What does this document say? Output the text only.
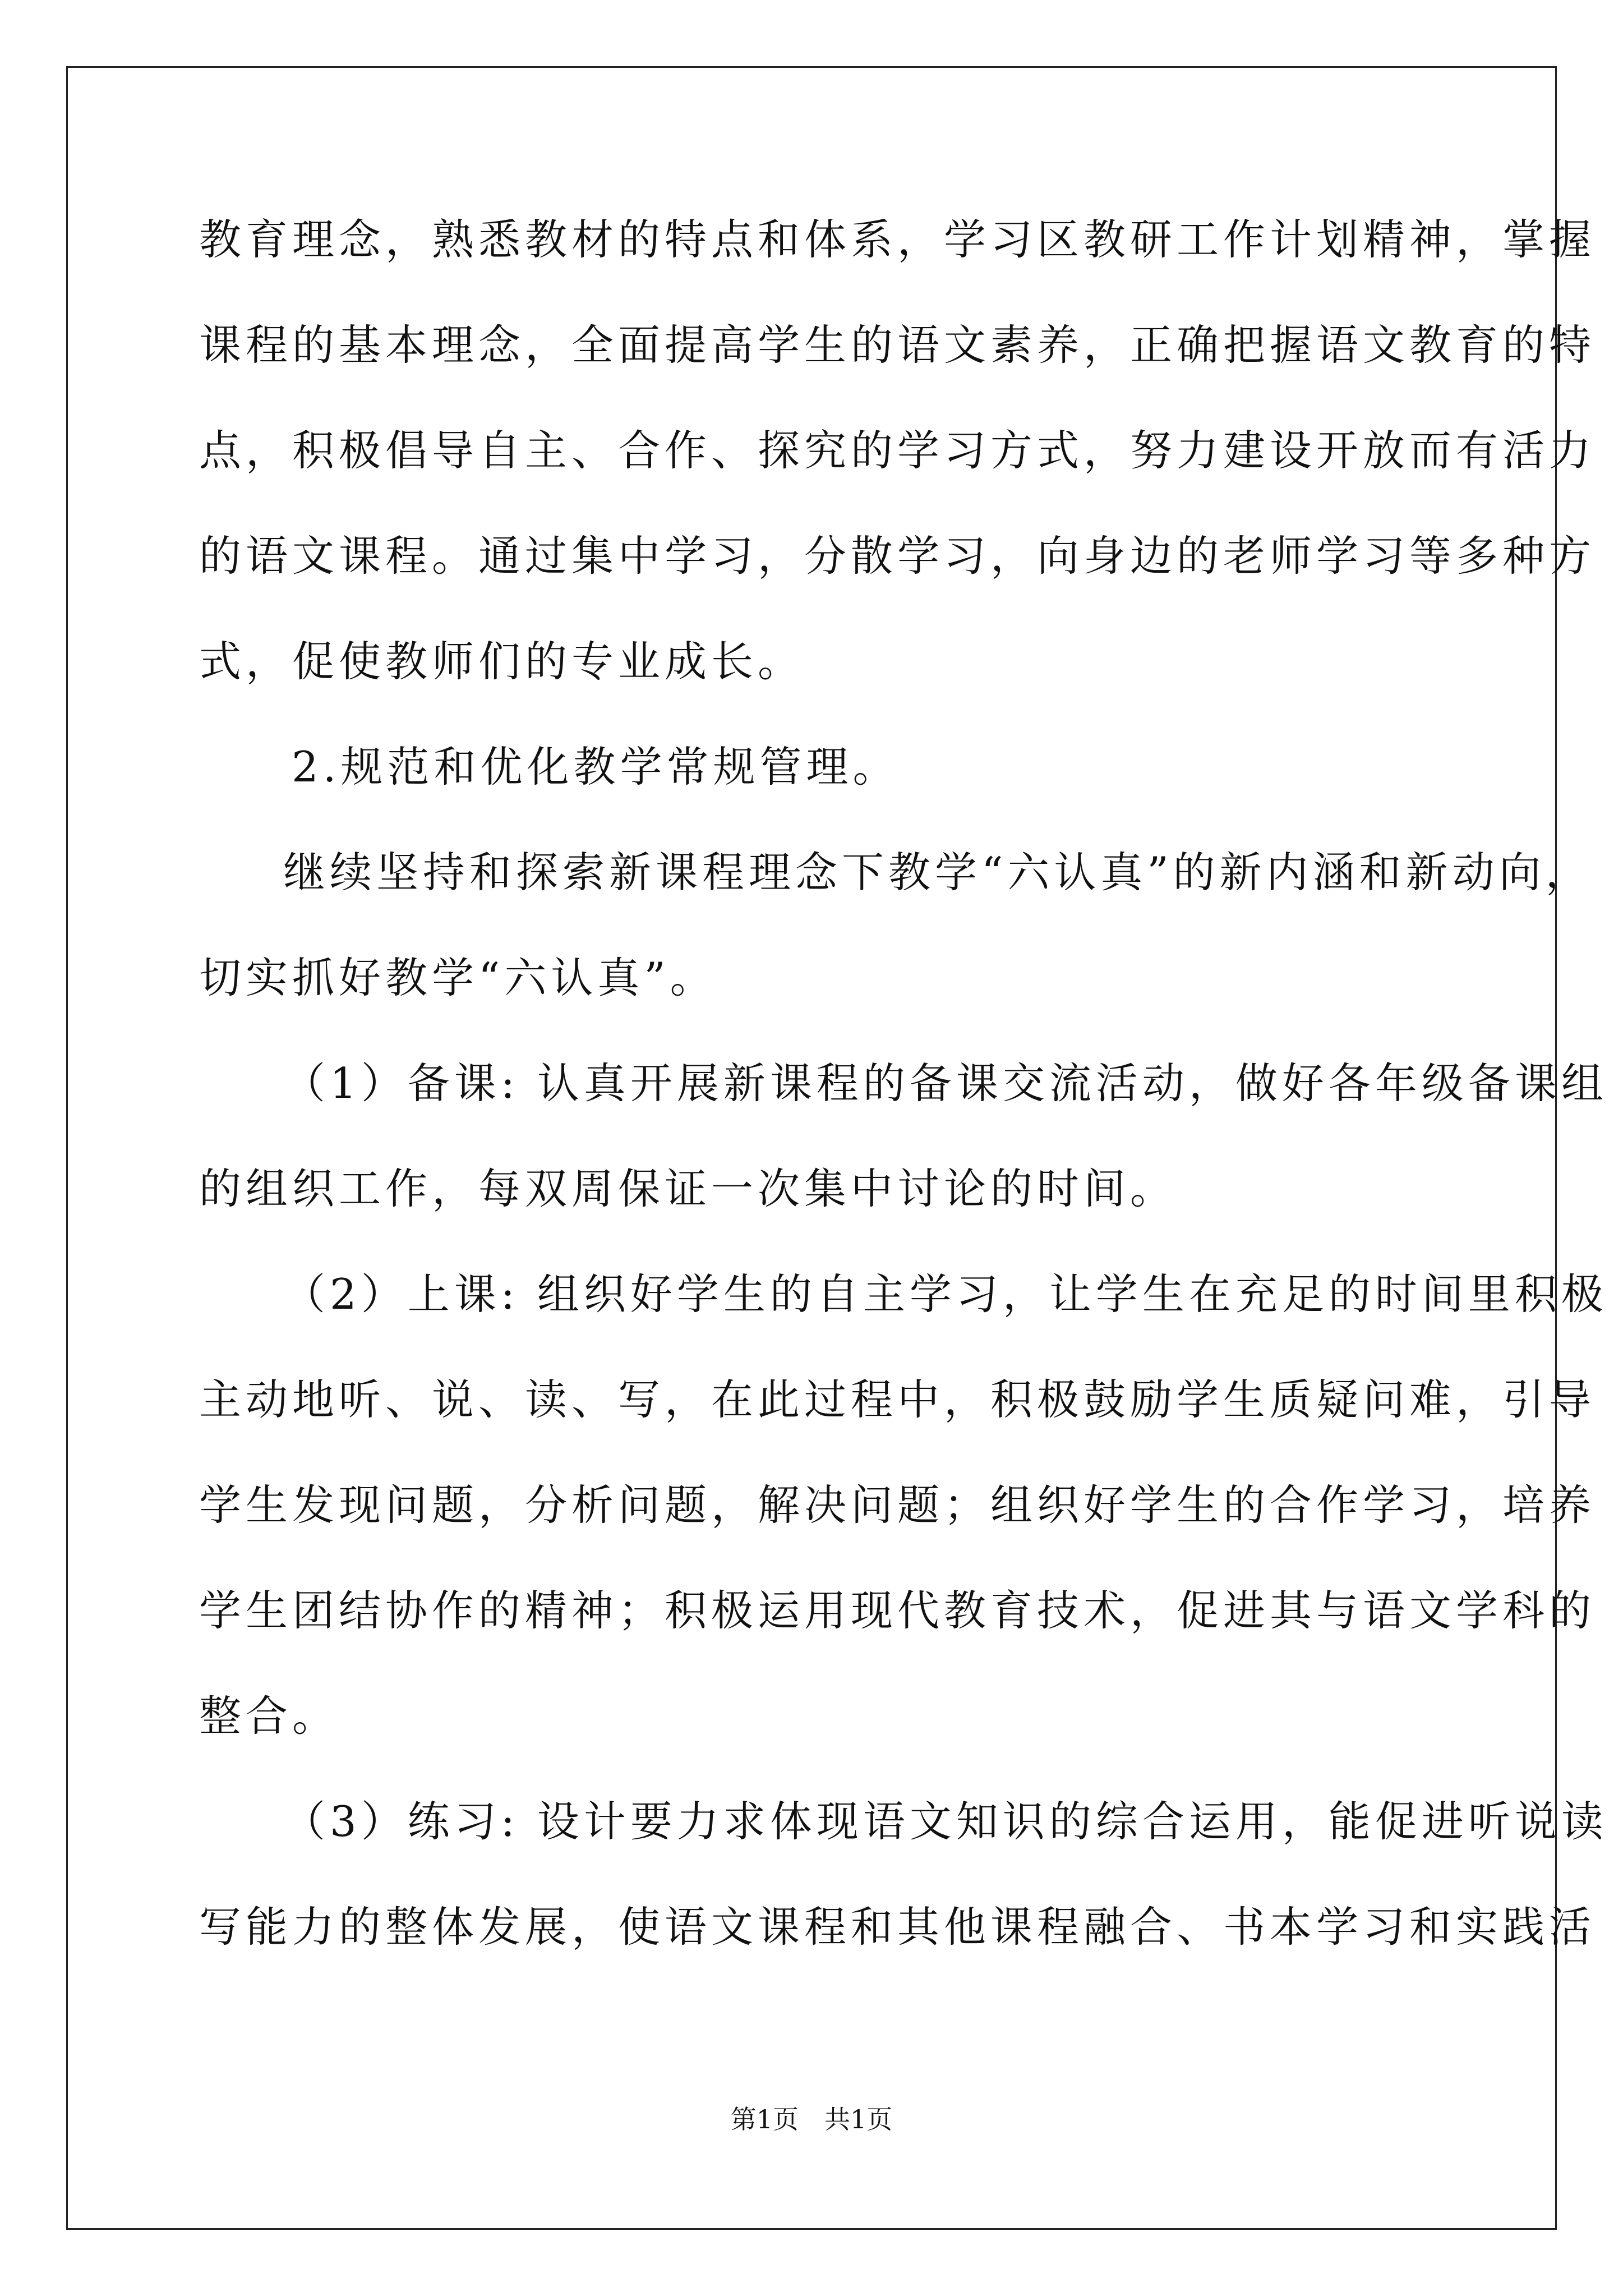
教育理念，熟悉教材的特点和体系，学习区教研工作计划精神，掌握

课程的基本理念，全面提高学生的语文素养，正确把握语文教育的特

点，积极倡导自主、合作、探究的学习方式，努力建设开放而有活力

的语文课程。通过集中学习，分散学习，向身边的老师学习等多种方

式，促使教师们的专业成长。

2.规范和优化教学常规管理。

继续坚持和探索新课程理念下教学“六认真”的新内涵和新动向，

切实抓好教学“六认真”。

（1）备课: 认真开展新课程的备课交流活动，做好各年级备课组

的组织工作，每双周保证一次集中讨论的时间。

（2）上课: 组织好学生的自主学习，让学生在充足的时间里积极

主动地听、说、读、写，在此过程中，积极鼓励学生质疑问难，引导

学生发现问题，分析问题，解决问题；组织好学生的合作学习，培养

学生团结协作的精神；积极运用现代教育技术，促进其与语文学科的

整合。

（3）练习: 设计要力求体现语文知识的综合运用，能促进听说读

写能力的整体发展，使语文课程和其他课程融合、书本学习和实践活

第1页　共1页
